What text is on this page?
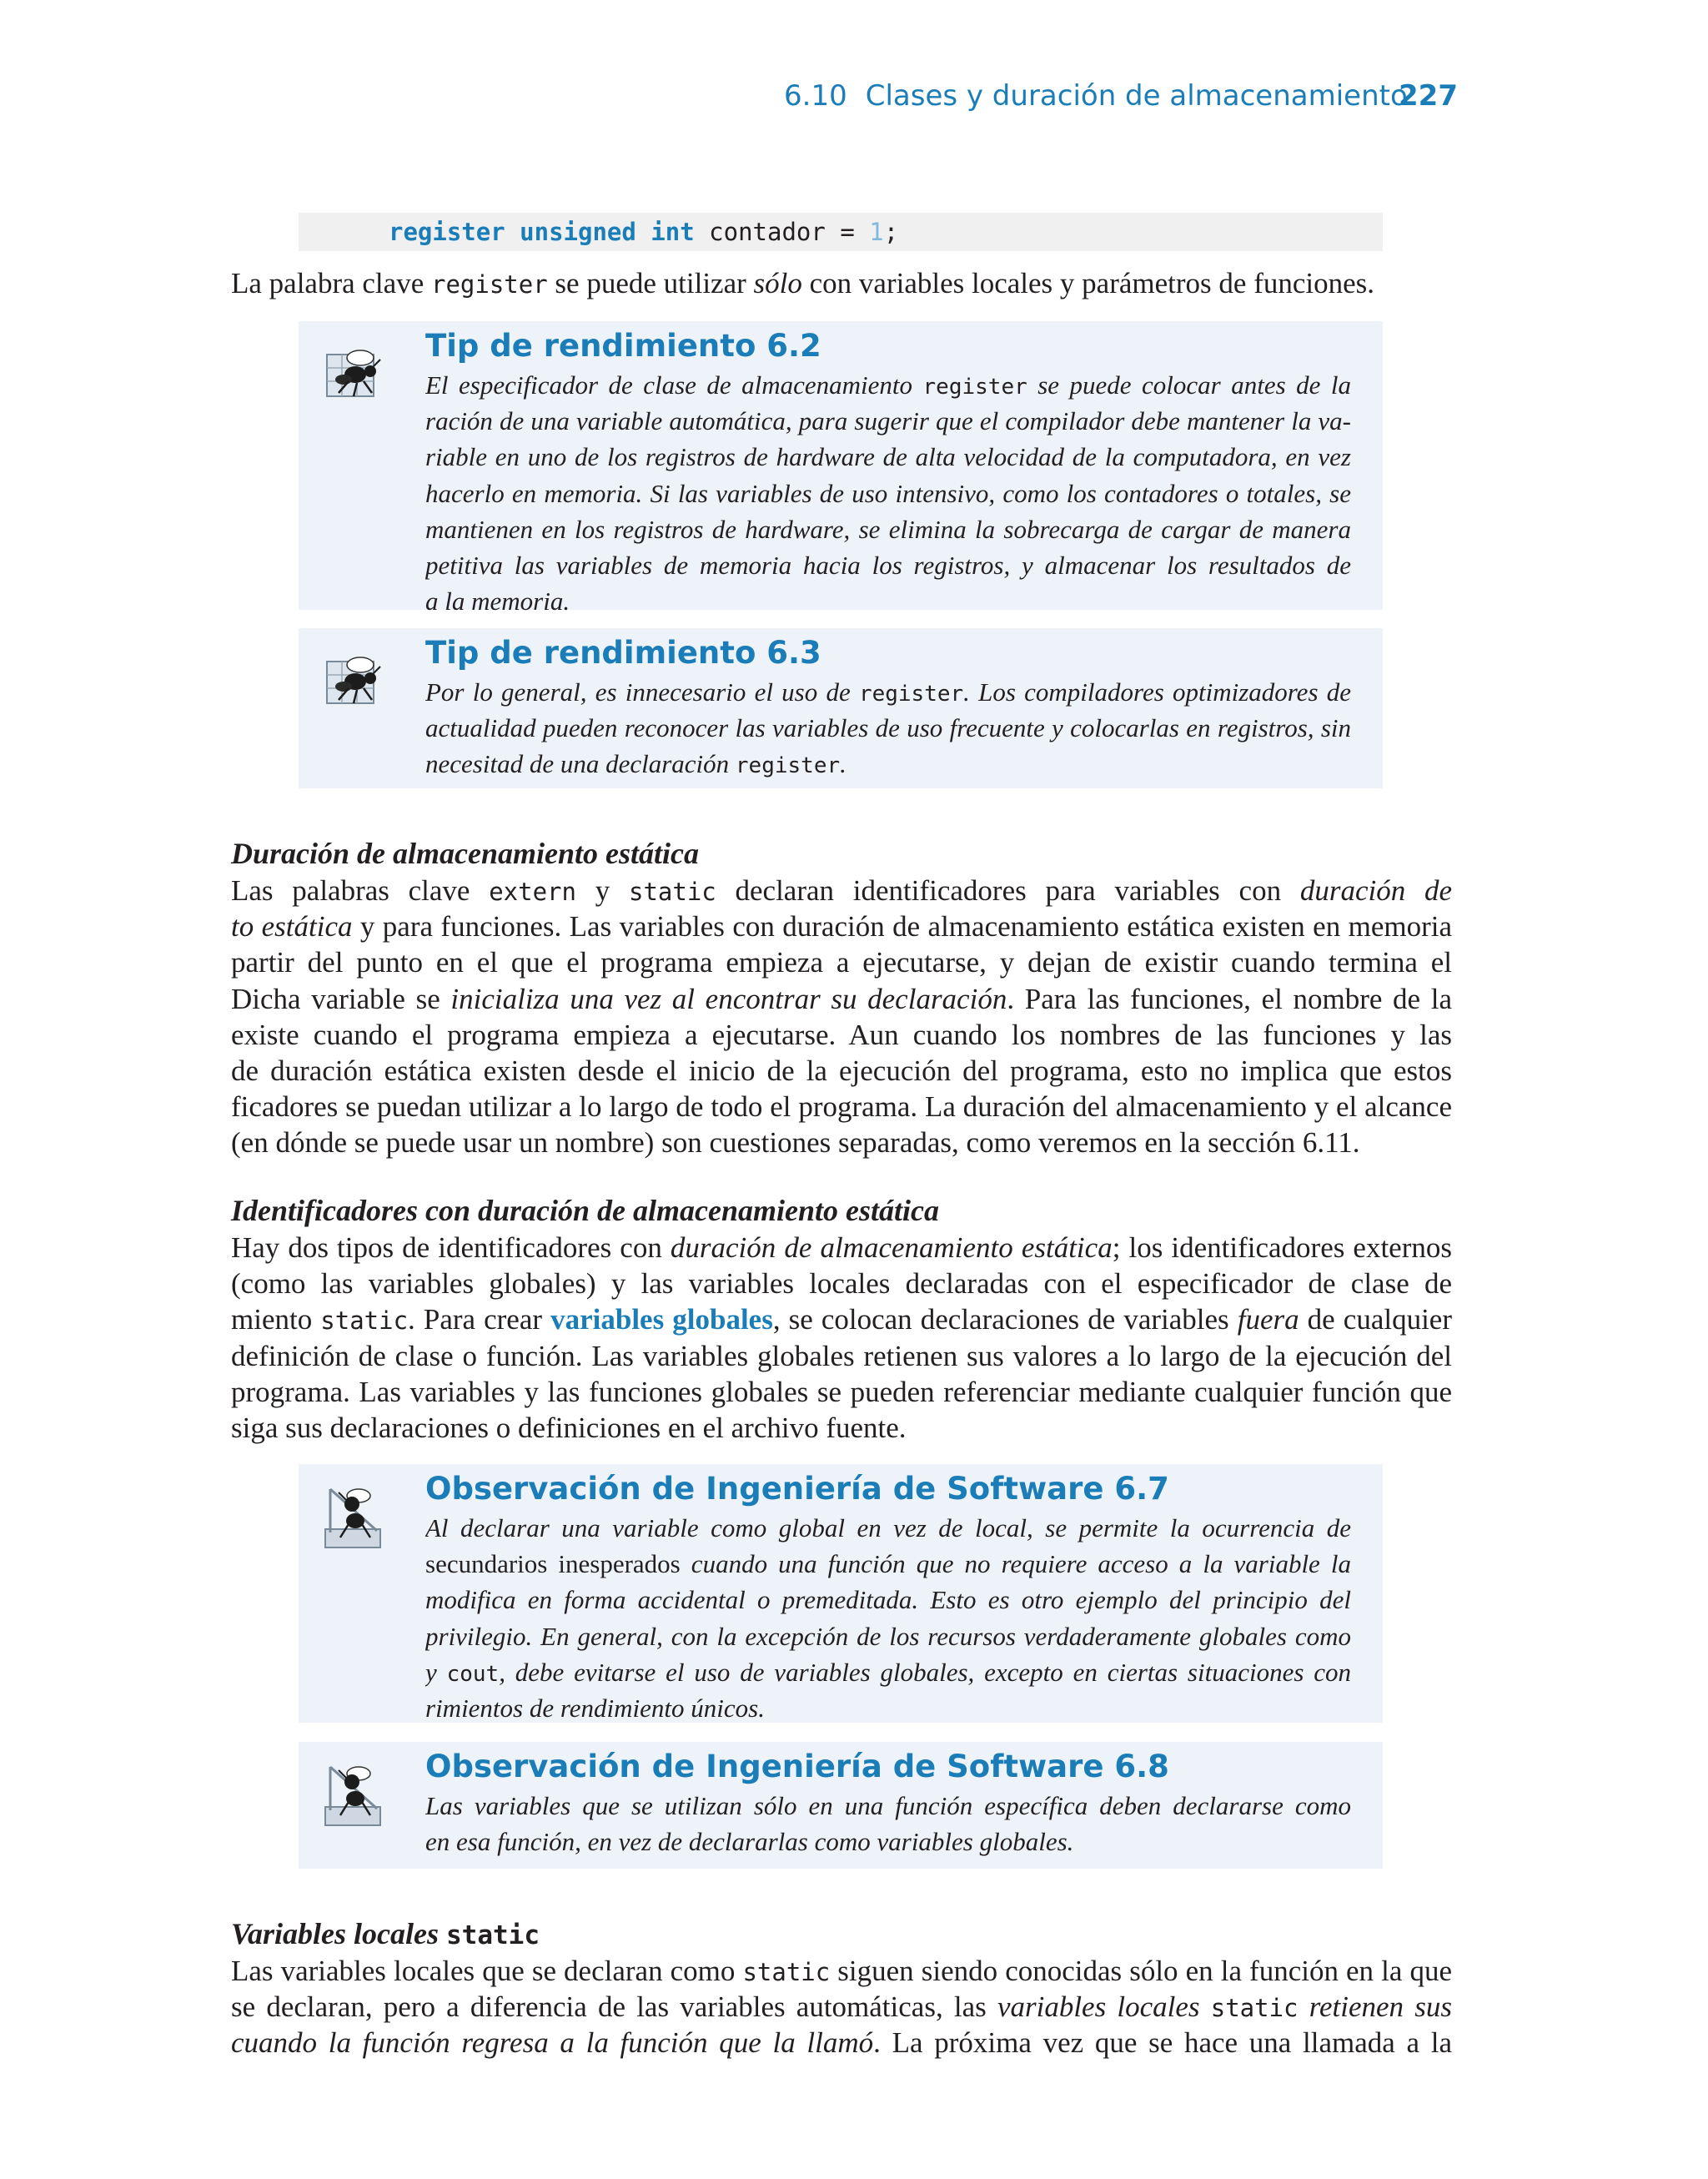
6.10 Clases y duración de almacenamiento
227
register unsigned int contador = 1;
La palabra clave register se puede utilizar sólo con variables locales y parámetros de funciones.
Tip de rendimiento 6.2
El especificador de clase de almacenamiento register se puede colocar antes de la
ración de una variable automática, para sugerir que el compilador debe mantener la va-
riable en uno de los registros de hardware de alta velocidad de la computadora, en vez
hacerlo en memoria. Si las variables de uso intensivo, como los contadores o totales, se
mantienen en los registros de hardware, se elimina la sobrecarga de cargar de manera
petitiva las variables de memoria hacia los registros, y almacenar los resultados de
a la memoria.
Tip de rendimiento 6.3
Por lo general, es innecesario el uso de register. Los compiladores optimizadores de
actualidad pueden reconocer las variables de uso frecuente y colocarlas en registros, sin
necesitad de una declaración register.
Duración de almacenamiento estática
Las palabras clave extern y static declaran identificadores para variables con duración de
to estática y para funciones. Las variables con duración de almacenamiento estática existen en memoria
partir del punto en el que el programa empieza a ejecutarse, y dejan de existir cuando termina el
Dicha variable se inicializa una vez al encontrar su declaración. Para las funciones, el nombre de la
existe cuando el programa empieza a ejecutarse. Aun cuando los nombres de las funciones y las
de duración estática existen desde el inicio de la ejecución del programa, esto no implica que estos
ficadores se puedan utilizar a lo largo de todo el programa. La duración del almacenamiento y el alcance
(en dónde se puede usar un nombre) son cuestiones separadas, como veremos en la sección 6.11.
Identificadores con duración de almacenamiento estática
Hay dos tipos de identificadores con duración de almacenamiento estática; los identificadores externos
(como las variables globales) y las variables locales declaradas con el especificador de clase de
miento static. Para crear variables globales, se colocan declaraciones de variables fuera de cualquier
definición de clase o función. Las variables globales retienen sus valores a lo largo de la ejecución del
programa. Las variables y las funciones globales se pueden referenciar mediante cualquier función que
siga sus declaraciones o definiciones en el archivo fuente.
Observación de Ingeniería de Software 6.7
Al declarar una variable como global en vez de local, se permite la ocurrencia de
secundarios inesperados cuando una función que no requiere acceso a la variable la
modifica en forma accidental o premeditada. Esto es otro ejemplo del principio del
privilegio. En general, con la excepción de los recursos verdaderamente globales como
y cout, debe evitarse el uso de variables globales, excepto en ciertas situaciones con
rimientos de rendimiento únicos.
Observación de Ingeniería de Software 6.8
Las variables que se utilizan sólo en una función específica deben declararse como
en esa función, en vez de declararlas como variables globales.
Variables locales static
Las variables locales que se declaran como static siguen siendo conocidas sólo en la función en la que
se declaran, pero a diferencia de las variables automáticas, las variables locales static retienen sus
cuando la función regresa a la función que la llamó. La próxima vez que se hace una llamada a la
